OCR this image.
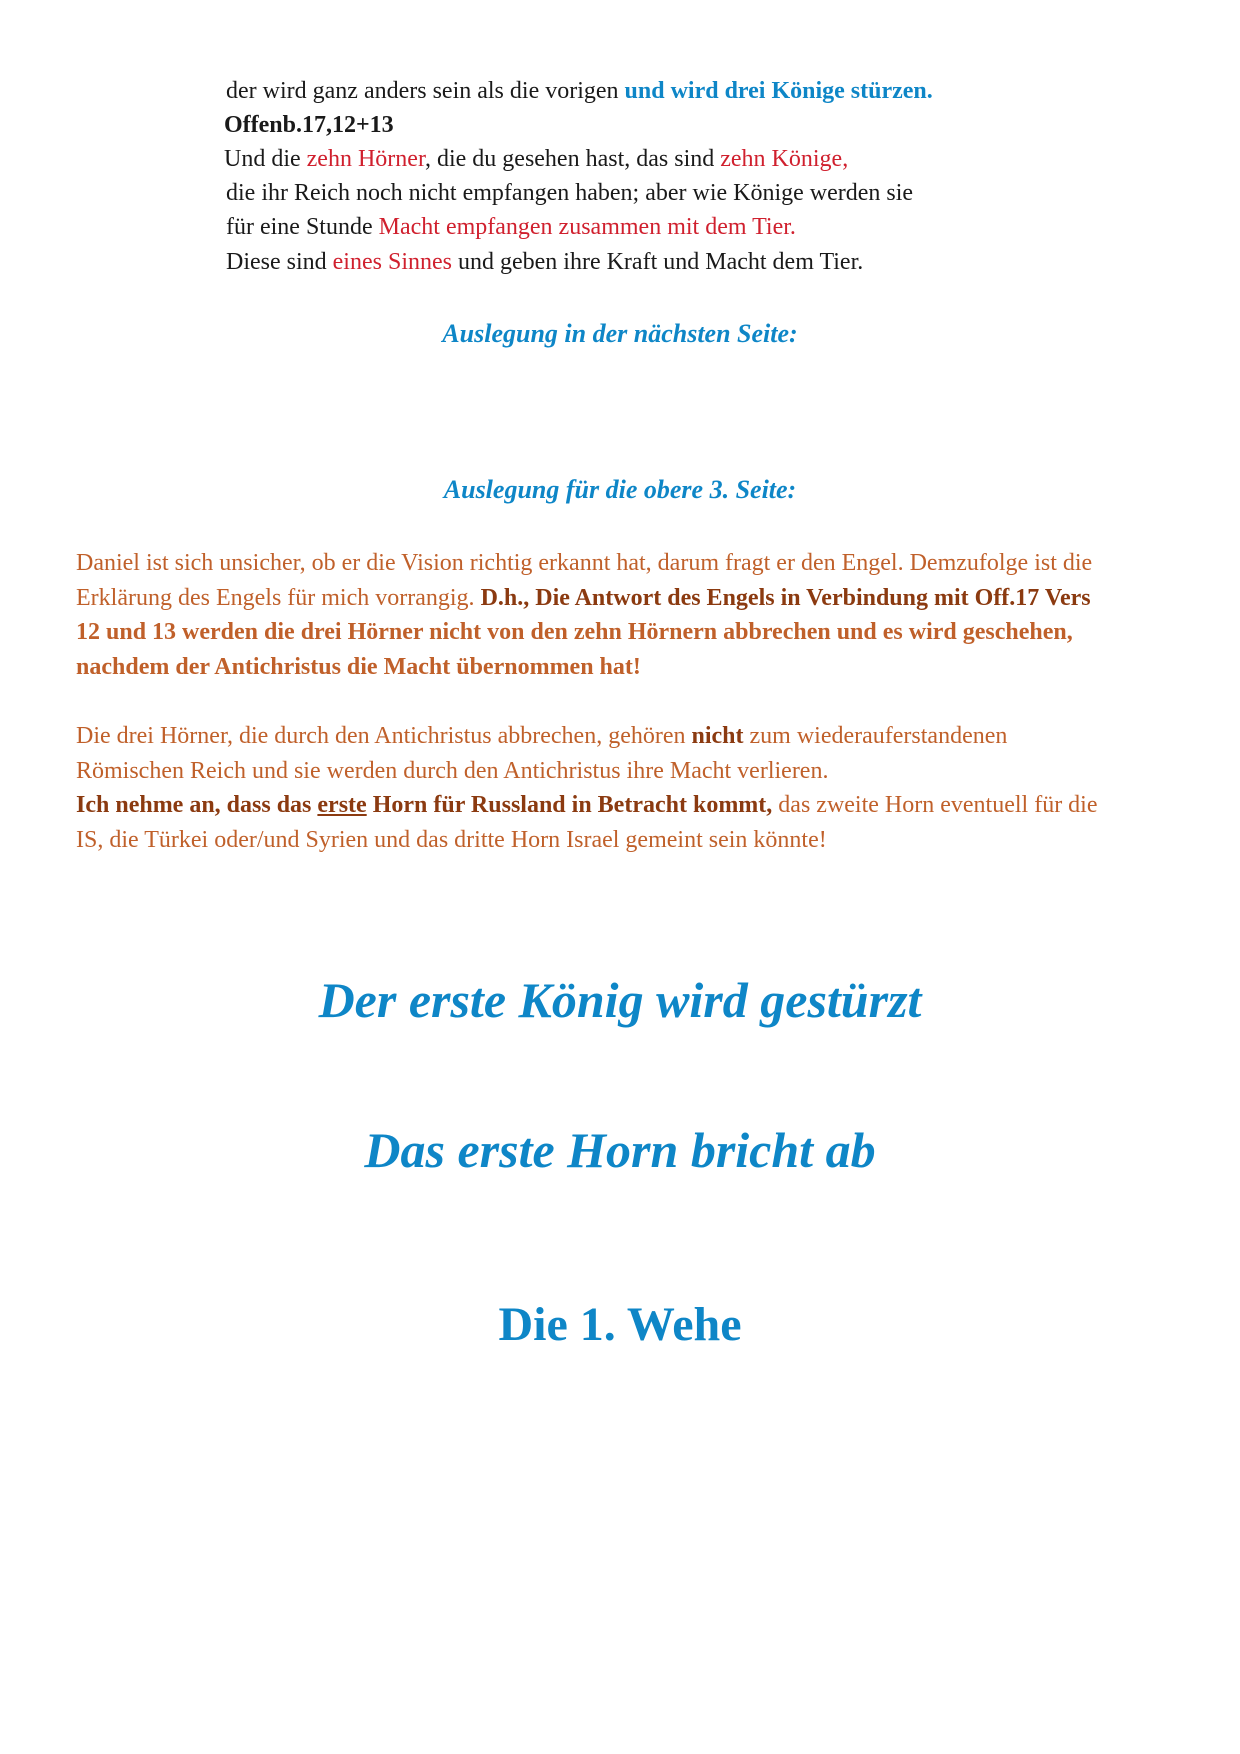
der wird ganz anders sein als die vorigen und wird drei Könige stürzen.
Offenb.17,12+13
Und die zehn Hörner, die du gesehen hast, das sind zehn Könige,
die ihr Reich noch nicht empfangen haben; aber wie Könige werden sie
für eine Stunde Macht empfangen zusammen mit dem Tier.
Diese sind eines Sinnes und geben ihre Kraft und Macht dem Tier.
Auslegung in der nächsten Seite:
Auslegung für die obere 3. Seite:
Daniel ist sich unsicher, ob er die Vision richtig erkannt hat, darum fragt er den Engel. Demzufolge ist die
Erklärung des Engels für mich vorrangig. D.h., Die Antwort des Engels in Verbindung mit Off.17 Vers
12 und 13 werden die drei Hörner nicht von den zehn Hörnern abbrechen und es wird geschehen,
nachdem der Antichristus die Macht übernommen hat!
Die drei Hörner, die durch den Antichristus abbrechen, gehören nicht zum wiederauferstandenen
Römischen Reich und sie werden durch den Antichristus ihre Macht verlieren.
Ich nehme an, dass das erste Horn für Russland in Betracht kommt, das zweite Horn eventuell für die
IS, die Türkei oder/und Syrien und das dritte Horn Israel gemeint sein könnte!
Der erste König wird gestürzt
Das erste Horn bricht ab
Die 1. Wehe
